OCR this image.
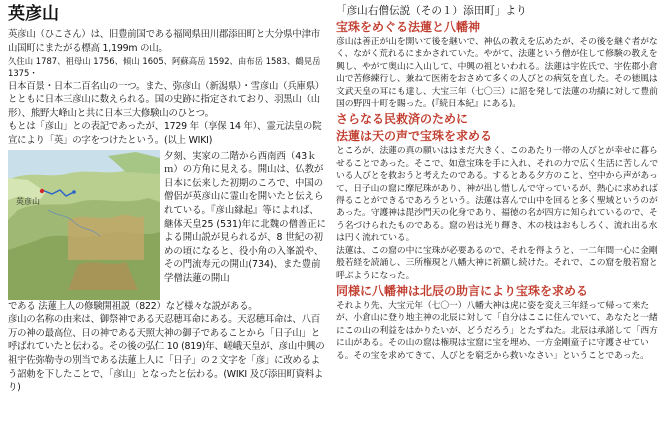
英彦山

英彦山（ひこさん）は、旧豊前国である福岡県田川郡添田町と大分県中津市山国町にまたがる標高 1,199m の山。

久住山 1787、祖母山 1756、傾山 1605、阿蘇高岳 1592、由布岳 1583、鶴見岳1375・

日本百景・日本二百名山の一つ。また、弥彦山（新潟県）・雪彦山（兵庫県）とともに日本三彦山に数えられる。国の史跡に指定されており、羽黒山（山形）、熊野大峰山と共に日本三大修験山のひとつ。

もとは「彦山」との表記であったが、1729 年（享保 14 年）、霊元法皇の院宣により「英」の字をつけたという。(以上 WIKI)

英彦山
夕刻、実家の二階から西南西（43ｋｍ）の方角に見える。開山は、仏教が日本に伝来した初期のころで、中国の僧侶が英彦山に霊山を開いたと伝えられている。『彦山縁起』等によれば、継体天皇25 (531)年に北魏の僧善正による開山説が見られるが、8 世紀の初めの頃になると、役小角の入峯説や、その門流寿元の開山(734)、また豊前学僧法蓮の開山

である 法蓮上人の修験開祖説（822）など様々な説がある。

彦山の名称の由来は、御祭神である天忍穂耳命にある。天忍穂耳命は、八百万の神の最高位、日の神である天照大神の御子であることから「日子山」と呼ばれていたと伝わる。その後の弘仁 10 (819)年、嵯峨天皇が、彦山中興の祖宇佐弥勒寺の別当である法蓮上人に「日子」の２文字を「彦」に改めるよう詔勅を下したことで、「彦山」となったと伝わる。(WIKI 及び添田町資料より)

「彦山右僧伝説（その１）添田町」より
宝珠をめぐる法蓮と八幡神

彦山は善正が山を開いて後を継いで、神仏の教えを広めたが、その後を継ぐ者がなく、ながく荒れるにまかされていた。やがて、法蓮という僧が住して修験の教えを興し、やがて奥山に入山して、中興の祖といわれる。法蓮は宇佐氏で、宇佐郡小倉山で苦修練行し、兼ねて医術をおさめて多くの人びとの病気を直した。その徳風は文武天皇の耳にも達し、大宝三年（七〇三）に詔を発して法蓮の功績に対して豊前国の野四十町を賜った。(『続日本紀』にある)。

さらなる民救済のために
法蓮は天の声で宝珠を求める

ところが、法蓮の真の願いははまだ大きく、このあたり一帯の人びとが幸せに暮らせることであった。そこで、如意宝珠を手に入れ、それの力で広く生活に苦しんでいる人びとを救おうと考えたのである。するとある夕方のこと、空中から声があって、日子山の窟に摩尼珠があり、神が出し惜しんで守っているが、熱心に求めれば得ることができるであろうという。法蓮は喜んで山中を回ると多く聖域というのがあった。守護神は毘沙門天の化身であり、福徳の名が四方に知られているので、そう名づけられたものである。窟の岩は光り輝き、木の枝はおもしろく、流れ出る水は円く流れている。

法蓮は、この窟の中に宝珠が必要あるので、それを得ようと、一二年間一心に金剛般若経を読誦し、三所権現と八幡大神に祈願し続けた。それで、この窟を般若窟と呼ぶようになった。

同様に八幡神は北辰の助言により宝珠を求める

それより先、大宝元年（七〇一）八幡大神は虎に姿を変え三年経って帰って来たが、小倉山に登り地主神の北辰に対して「自分はここに住んでいて、あなたと一緒にこの山の利益をはかりたいが、どうだろう」とたずねた。北辰は承諾して「西方に山がある。その山の窟は権現は宝窟に宝を埋め、一方金剛童子に守護させている。その宝を求めてきて、人びとを窮乏から救いなさい」ということであった。
